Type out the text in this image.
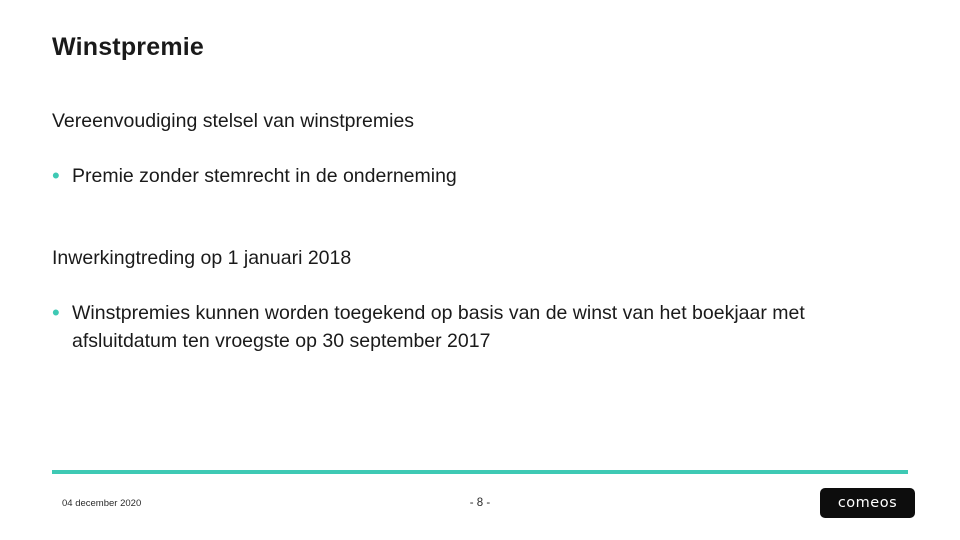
Winstpremie
Vereenvoudiging stelsel van winstpremies
• Premie zonder stemrecht in de onderneming
Inwerkingtreding op 1 januari 2018
• Winstpremies kunnen worden toegekend op basis van de winst van het boekjaar met afsluitdatum ten vroegste op 30 september 2017
04 december 2020	- 8 -	comeos
